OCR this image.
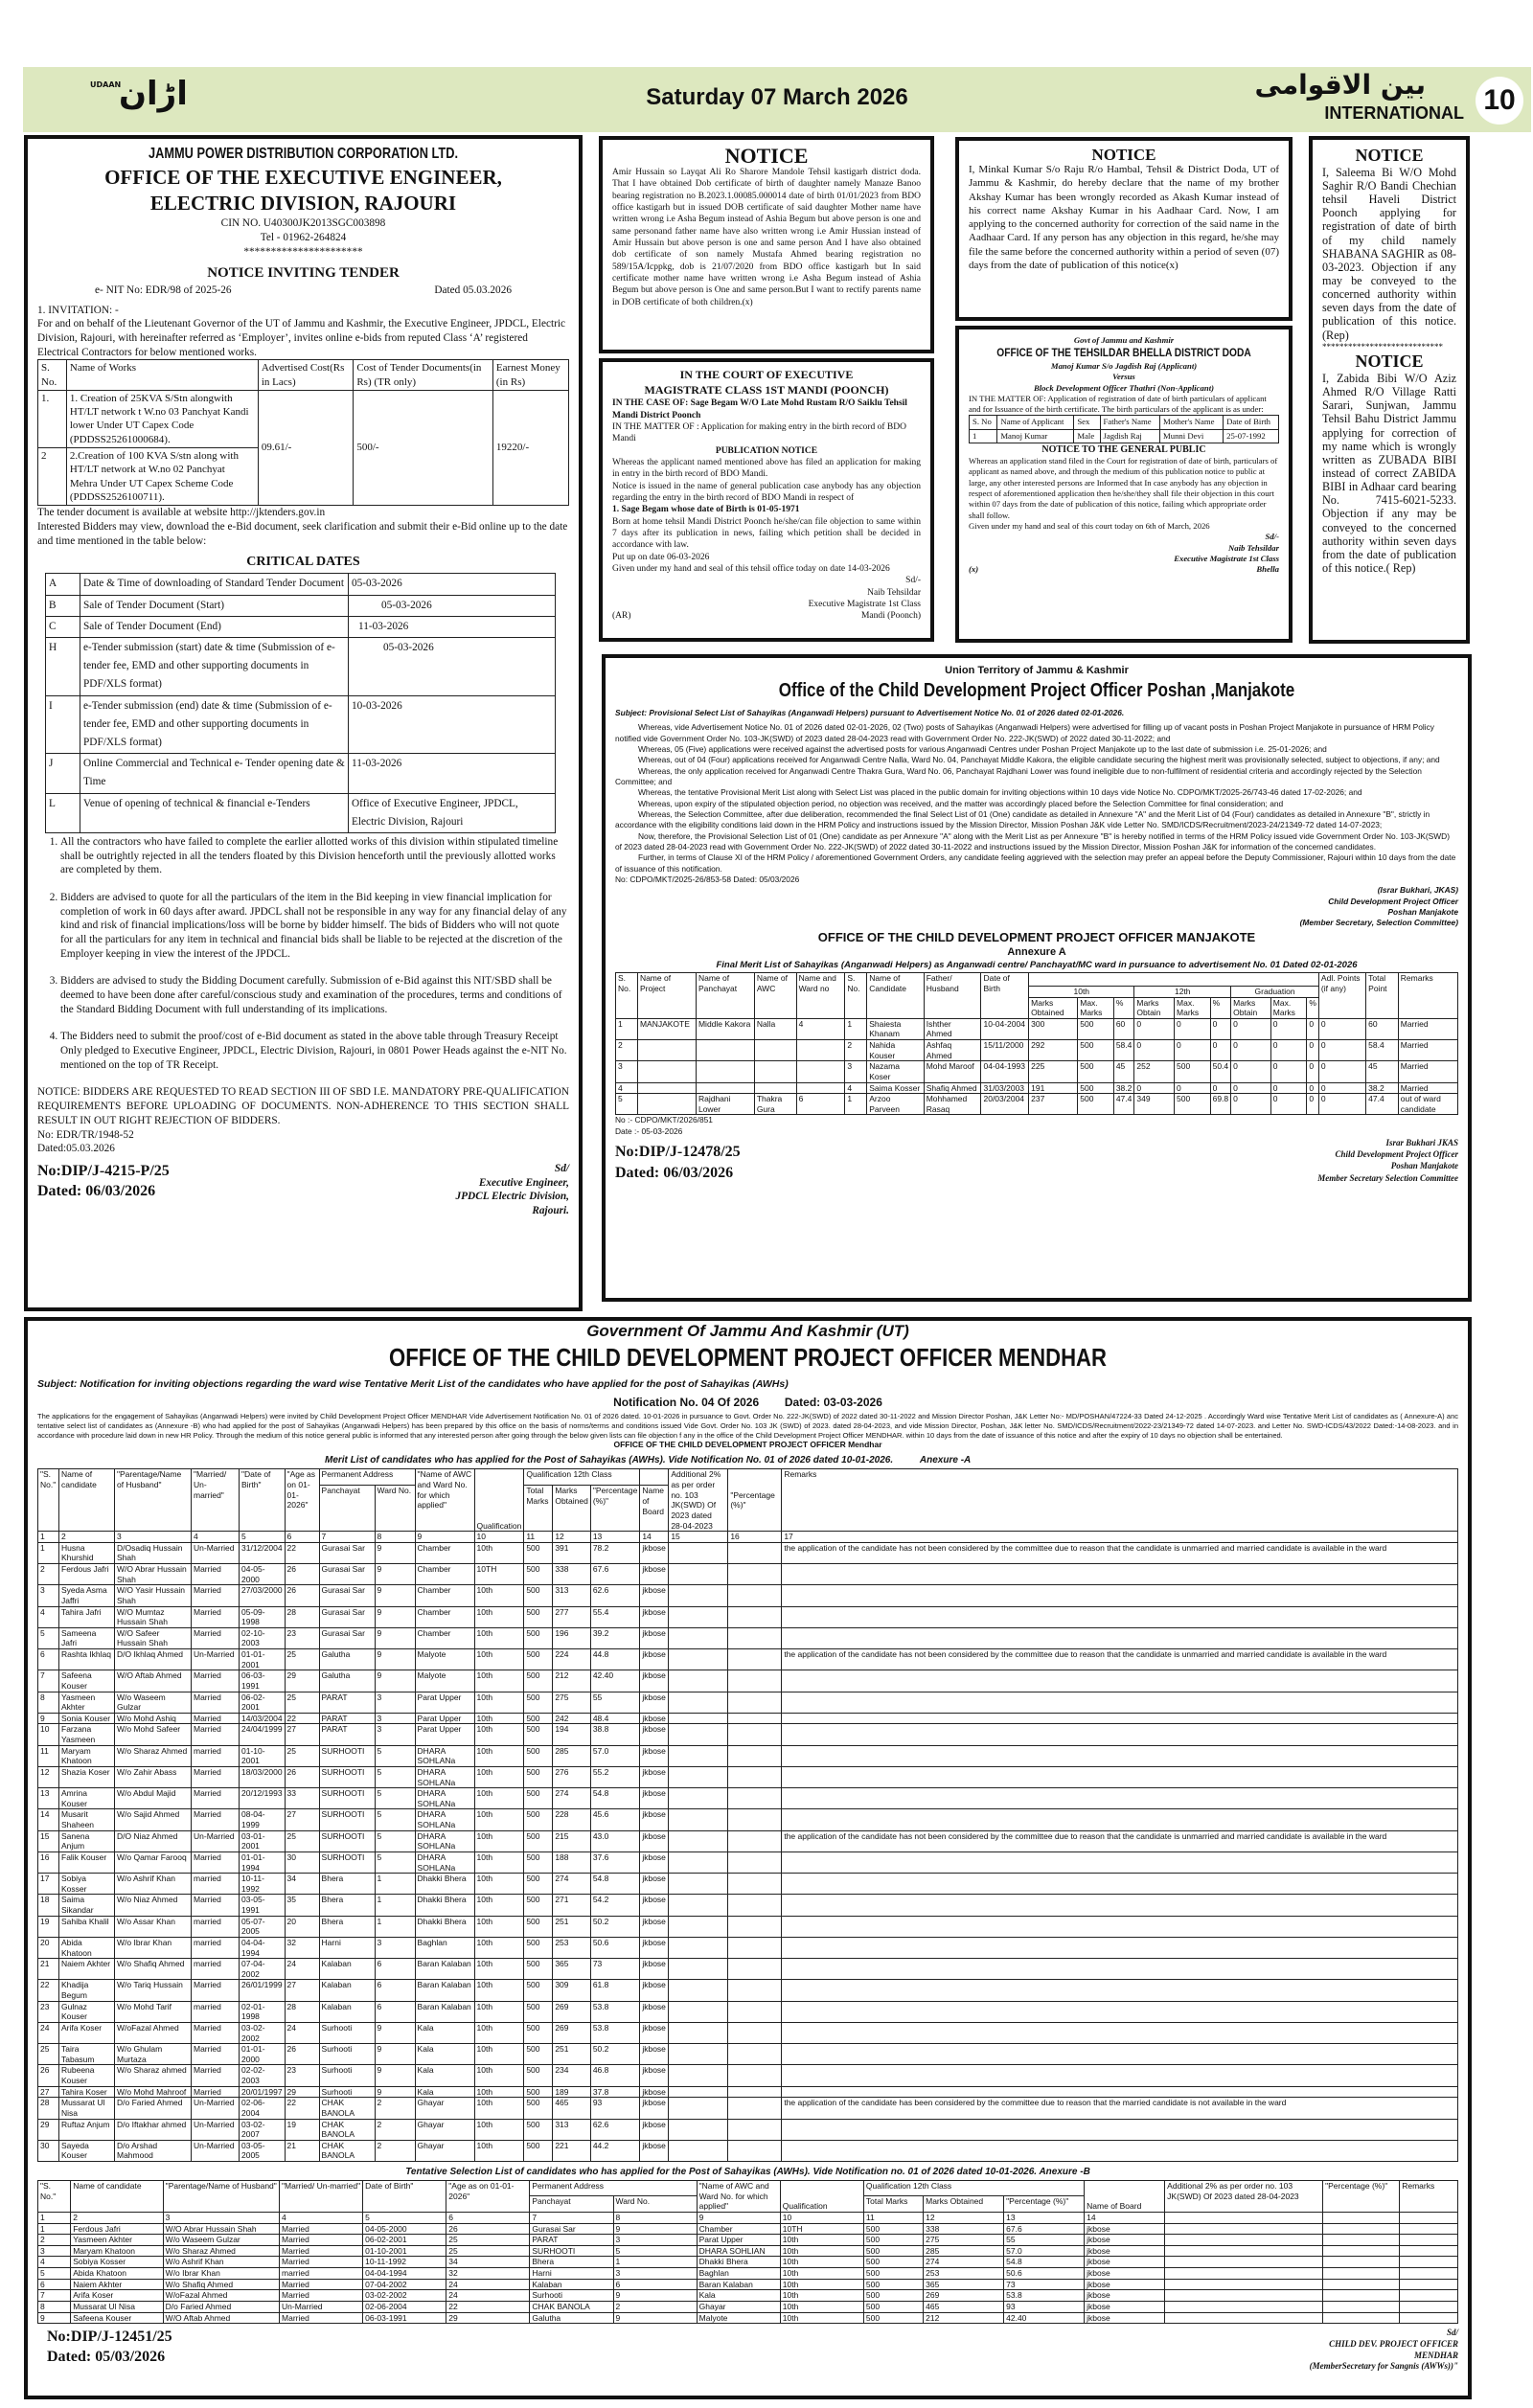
UDAAN
اڑان	Saturday 07 March 2026	بین الاقوامی
INTERNATIONAL 10
JAMMU POWER DISTRIBUTION CORPORATION LTD.
OFFICE OF THE EXECUTIVE ENGINEER,
ELECTRIC DIVISION, RAJOURI
CIN NO. U40300JK2013SGC003898
Tel - 01962-264824
**********************
NOTICE INVITING TENDER
e- NIT No: EDR/98 of 2025-26	Dated 05.03.2026
1. INVITATION: -
For and on behalf of the Lieutenant Governor of the UT of Jammu and Kashmir, the Executive Engineer, JPDCL, Electric Division, Rajouri, with hereinafter referred as ‘Employer’, invites online e-bids from reputed Class ‘A’ registered Electrical Contractors for below mentioned works.
S. No.	Name of Works	Advertised Cost(Rs in Lacs)	Cost of Tender Documents(in Rs) (TR only)	Earnest Money (in Rs)
1.	1. Creation of 25KVA S/Stn alongwith HT/LT network t W.no 03 Panchyat Kandi lower Under UT Capex Code (PDDSS25261000684).	09.61/-	500/-	19220/-
2	2.Creation of 100 KVA S/stn along with HT/LT network at W.no 02 Panchyat Mehra Under UT Capex Scheme Code (PDDSS2526100711).			
The tender document is available at website http://jktenders.gov.in
Interested Bidders may view, download the e-Bid document, seek clarification and submit their e-Bid online up to the date and time mentioned in the table below:
CRITICAL DATES
A	Date & Time of downloading of Standard Tender Document	05-03-2026
B	Sale of Tender Document (Start)	05-03-2026
C	Sale of Tender Document (End)	11-03-2026
H	e-Tender submission (start) date & time (Submission of e-tender fee, EMD and other supporting documents in PDF/XLS format)	05-03-2026
I	e-Tender submission (end) date & time (Submission of e-tender fee, EMD and other supporting documents in PDF/XLS format)	10-03-2026
J	Online Commercial and Technical e- Tender opening date & Time	11-03-2026
L	Venue of opening of technical & financial e-Tenders	Office of Executive Engineer, JPDCL, Electric Division, Rajouri
1. All the contractors who have failed to complete the earlier allotted works of this division within stipulated timeline shall be outrightly rejected in all the tenders floated by this Division henceforth until the previously allotted works are completed by them.
2. Bidders are advised to quote for all the particulars of the item in the Bid keeping in view financial implication for completion of work in 60 days after award. JPDCL shall not be responsible in any way for any financial delay of any kind and risk of financial implications/loss will be borne by bidder himself. The bids of Bidders who will not quote for all the particulars for any item in technical and financial bids shall be liable to be rejected at the discretion of the Employer keeping in view the interest of the JPDCL.
3. Bidders are advised to study the Bidding Document carefully. Submission of e-Bid against this NIT/SBD shall be deemed to have been done after careful/conscious study and examination of the procedures, terms and conditions of the Standard Bidding Document with full understanding of its implications.
4. The Bidders need to submit the proof/cost of e-Bid document as stated in the above table through Treasury Receipt Only pledged to Executive Engineer, JPDCL, Electric Division, Rajouri, in 0801 Power Heads against the e-NIT No. mentioned on the top of TR Receipt.
NOTICE: BIDDERS ARE REQUESTED TO READ SECTION III OF SBD I.E. MANDATORY PRE-QUALIFICATION REQUIREMENTS BEFORE UPLOADING OF DOCUMENTS. NON-ADHERENCE TO THIS SECTION SHALL RESULT IN OUT RIGHT REJECTION OF BIDDERS.
No: EDR/TR/1948-52
Dated:05.03.2026
No:DIP/J-4215-P/25
Dated: 06/03/2026
Sd/
Executive Engineer,
JPDCL Electric Division,
Rajouri.
NOTICE
Amir Hussain so Layqat Ali Ro Sharore Mandole Tehsil kastigarh district doda. That I have obtained Dob certificate of birth of daughter namely Manaze Banoo bearing registration no B.2023.1.00085.000014 date of birth 01/01/2023 from BDO office kastigarh but in issued DOB certificate of said daughter Mother name have written wrong i.e Asha Begum instead of Ashia Begum but above person is one and same personand father name have also written wrong i.e Amir Hussian instead of Amir Hussain but above person is one and same person And I have also obtained dob certificate of son namely Mustafa Ahmed bearing registration no 589/15A/Icppkg, dob is 21/07/2020 from BDO office kastigarh but In said certificate mother name have written wrong i.e Asha Begum instead of Ashia Begum but above person is One and same person.But I want to rectify parents name in DOB certificate of both children.(x)
IN THE COURT OF EXECUTIVE
MAGISTRATE CLASS 1ST MANDI (POONCH)
IN THE CASE OF: Sage Begam W/O Late Mohd Rustam R/O Saiklu Tehsil Mandi District Poonch
IN THE MATTER OF : Application for making entry in the birth record of BDO Mandi
PUBLICATION NOTICE
Whereas the applicant named mentioned above has filed an application for making in entry in the birth record of BDO Mandi.
Notice is issued in the name of general publication case anybody has any objection regarding the entry in the birth record of BDO Mandi in respect of
1. Sage Begam whose date of Birth is 01-05-1971
Born at home tehsil Mandi District Poonch he/she/can file objection to same within 7 days after its publication in news, failing which petition shall be decided in accordance with law.
Put up on date 06-03-2026
Given under my hand and seal of this tehsil office today on date 14-03-2026
(AR)
Sd/-
Naib Tehsildar
Executive Magistrate 1st Class
Mandi (Poonch)
NOTICE
I, Minkal Kumar S/o Raju R/o Hambal, Tehsil & District Doda, UT of Jammu & Kashmir, do hereby declare that the name of my brother Akshay Kumar has been wrongly recorded as Akash Kumar instead of his correct name Akshay Kumar in his Aadhaar Card. Now, I am applying to the concerned authority for correction of the said name in the Aadhaar Card. If any person has any objection in this regard, he/she may file the same before the concerned authority within a period of seven (07) days from the date of publication of this notice(x)
Govt of Jammu and Kashmir
OFFICE OF THE TEHSILDAR BHELLA DISTRICT DODA
Manoj Kumar S/o Jagdish Raj (Applicant)
Versus
Block Development Officer Thathri (Non-Applicant)
IN THE MATTER OF: Application of registration of date of birth particulars of applicant and for Issuance of the birth certificate. The birth particulars of the applicant is as under:
S. No	Name of Applicant	Sex	Father's Name	Mother's Name	Date of Birth
1	Manoj Kumar	Male	Jagdish Raj	Munni Devi	25-07-1992
NOTICE TO THE GENERAL PUBLIC
Whereas an application stand filed in the Court for registration of date of birth, particulars of applicant as named above, and through the medium of this publication notice to public at large, any other interested persons are Informed that In case anybody has any objection in respect of aforementioned application then he/she/they shall file their objection in this court within 07 days from the date of publication of this notice, failing which appropriate order shall follow.
Given under my hand and seal of this court today on 6th of March, 2026
(x)
Sd/-
Naib Tehsildar
Executive Magistrate 1st Class
Bhella
NOTICE
I, Saleema Bi W/O Mohd Saghir R/O Bandi Chechian tehsil Haveli District Poonch applying for registration of date of birth of my child namely SHABANA SAGHIR as 08-03-2023. Objection if any may be conveyed to the concerned authority within seven days from the date of publication of this notice.(Rep)
****************************
NOTICE
I, Zabida Bibi W/O Aziz Ahmed R/O Village Ratti Sarari, Sunjwan, Jammu Tehsil Bahu District Jammu applying for correction of my name which is wrongly written as ZUBADA BIBI instead of correct ZABIDA BIBI in Adhaar card bearing No. 7415-6021-5233. Objection if any may be conveyed to the concerned authority within seven days from the date of publication of this notice.( Rep)
Union Territory of Jammu & Kashmir
Office of the Child Development Project Officer Poshan ,Manjakote
Subject: Provisional Select List of Sahayikas (Anganwadi Helpers) pursuant to Advertisement Notice No. 01 of 2026 dated 02-01-2026.

Whereas, vide Advertisement Notice No. 01 of 2026 dated 02-01-2026, 02 (Two) posts of Sahayikas (Anganwadi Helpers) were advertised for filling up of vacant posts in Poshan Project Manjakote in pursuance of HRM Policy notified vide Government Order No. 103-JK(SWD) of 2023 dated 28-04-2023 read with Government Order No. 222-JK(SWD) of 2022 dated 30-11-2022; and

Whereas, 05 (Five) applications were received against the advertised posts for various Anganwadi Centres under Poshan Project Manjakote up to the last date of submission i.e. 25-01-2026; and

Whereas, out of 04 (Four) applications received for Anganwadi Centre Nalla, Ward No. 04, Panchayat Middle Kakora, the eligible candidate securing the highest merit was provisionally selected, subject to objections, if any; and

Whereas, the only application received for Anganwadi Centre Thakra Gura, Ward No. 06, Panchayat Rajdhani Lower was found ineligible due to non-fulfilment of residential criteria and accordingly rejected by the Selection Committee; and

Whereas, the tentative Provisional Merit List along with Select List was placed in the public domain for inviting objections within 10 days vide Notice No. CDPO/MKT/2025-26/743-46 dated 17-02-2026; and

Whereas, upon expiry of the stipulated objection period, no objection was received, and the matter was accordingly placed before the Selection Committee for final consideration; and

Whereas, the Selection Committee, after due deliberation, recommended the final Select List of 01 (One) candidate as detailed in Annexure "A" and the Merit List of 04 (Four) candidates as detailed in Annexure "B", strictly in accordance with the eligibility conditions laid down in the HRM Policy and instructions issued by the Mission Director, Mission Poshan J&K vide Letter No. SMD/ICDS/Recruitment/2023-24/21349-72 dated 14-07-2023;

Now, therefore, the Provisional Selection List of 01 (One) candidate as per Annexure "A" along with the Merit List as per Annexure "B" is hereby notified in terms of the HRM Policy issued vide Government Order No. 103-JK(SWD) of 2023 dated 28-04-2023 read with Government Order No. 222-JK(SWD) of 2022 dated 30-11-2022 and instructions issued by the Mission Director, Mission Poshan J&K for information of the concerned candidates.

Further, in terms of Clause XI of the HRM Policy / aforementioned Government Orders, any candidate feeling aggrieved with the selection may prefer an appeal before the Deputy Commissioner, Rajouri within 10 days from the date of issuance of this notification.

No: CDPO/MKT/2025-26/853-58 Dated: 05/03/2026
(Israr Bukhari, JKAS)
Child Development Project Officer
Poshan Manjakote
(Member Secretary, Selection Committee)
OFFICE OF THE CHILD DEVELOPMENT PROJECT OFFICER MANJAKOTE
Annexure A
Final Merit List of Sahayikas (Anganwadi Helpers) as Anganwadi centre/ Panchayat/MC ward in pursuance to advertisement No. 01 Dated 02-01-2026
S. No.	Name of Project	Name of Panchayat	Name of AWC	Name and Ward no	S. No.	Name of Candidate	Father/ Husband	Date of Birth										Adl. Points (if any)	Total Point	Remarks
									10th			12th			Graduation					
									Marks Obtained	Max. Marks	%	Marks Obtain	Max. Marks	%	Marks Obtain	Max. Marks	%			
1	MANJAKOTE	Middle Kakora	Nalla	4	1	Shaiesta Khanam	Ishther Ahmed	10-04-2004	300	500	60	0	0	0	0	0	0	0	60	Married
2					2	Nahida Kouser	Ashfaq Ahmed	15/11/2000	292	500	58.4	0	0	0	0	0	0	0	58.4	Married
3					3	Nazama Koser	Mohd Maroof	04-04-1993	225	500	45	252	500	50.4	0	0	0	0	45	Married
4					4	Saima Kosser	Shafiq Ahmed	31/03/2003	191	500	38.2	0	0	0	0	0	0	0	38.2	Married
5		Rajdhani Lower	Thakra Gura	6	1	Arzoo Parveen	Mohhamed Rasaq	20/03/2004	237	500	47.4	349	500	69.8	0	0	0	0	47.4	out of ward candidate
No :- CDPO/MKT/2026/851
Date :- 05-03-2026
No:DIP/J-12478/25
Dated: 06/03/2026
Israr Bukhari JKAS
Child Development Project Officer
Poshan Manjakote
Member Secretary Selection Committee
Government Of Jammu And Kashmir (UT)
OFFICE OF THE CHILD DEVELOPMENT PROJECT OFFICER MENDHAR
Subject: Notification for inviting objections regarding the ward wise Tentative Merit List of the candidates who have applied for the post of Sahayikas (AWHs)
Notification No. 04 Of 2026 Dated: 03-03-2026
The applications for the engagement of Sahayikas (Anganwadi Helpers) were invited by Child Development Project Officer MENDHAR Vide Advertisement Notification No. 01 of 2026 dated. 10-01-2026 in pursuance to Govt. Order No. 222-JK(SWD) of 2022 dated 30-11-2022 and Mission Director Poshan, J&K Letter No:- MD/POSHAN/47224-33 Dated 24-12-2025 . Accordingly Ward wise Tentative Merit List of candidates as ( Annexure-A) anc tentative select list of candidates as (Annexure -B) who had applied for the post of Sahayikas (Anganwadi Helpers) has been prepared by this office on the basis of norms/terms and conditions issued Vide Govt. Order No. 103 JK (SWD) of 2023. dated 28-04-2023, and vide Mission Director, Poshan, J&K letter No. SMD/ICDS/Recruitment/2022-23/21349-72 dated 14-07-2023. and Letter No. SWD-ICDS/43/2022 Dated:-14-08-2023. and in accordance with procedure laid down in new HR Policy. Through the medium of this notice general public is informed that any interested person after going through the below given lists can file objection f any in the office of the Child Development Project Officer MENDHAR. within 10 days from the date of issuance of this notice and after the expiry of 10 days no objection shall be entertained.
OFFICE OF THE CHILD DEVELOPMENT PROJECT OFFICER Mendhar
Merit List of candidates who has applied for the Post of Sahayikas (AWHs). Vide Notification No. 01 of 2026 dated 10-01-2026.	Anexure -A
"S. No."	Name of candidate	"Parentage/Name of Husband"	"Married/ Un-married"	"Date of Birth"	"Age as on 01-01-2026"	Permanent Address		"Name of AWC and Ward No. for which applied"	Qualification	Qualification 12th Class				Additional 2% as per order no. 103 JK(SWD) Of 2023 dated 28-04-2023	"Percentage (%)"	Remarks
						Panchayat	Ward No.			Total Marks	Marks Obtained	"Percentage (%)"	Name of Board			
1	2	3	4	5	6	7	8	9	10	11	12	13	14	15	16	17
1	Husna Khurshid	D/Osadiq Hussain Shah	Un-Married	31/12/2004	22	Gurasai Sar	9	Chamber	10th	500	391	78.2	jkbose			the application of the candidate has not been considered by the committee due to reason that the candidate is unmarried and married candidate is available in the ward
2	Ferdous Jafri	W/O Abrar Hussain Shah	Married	04-05-2000	26	Gurasai Sar	9	Chamber	10TH	500	338	67.6	jkbose			
3	Syeda Asma Jaffri	W/O Yasir Hussain Shah	Married	27/03/2000	26	Gurasai Sar	9	Chamber	10th	500	313	62.6	jkbose			
4	Tahira Jafri	W/O Mumtaz Hussain Shah	Married	05-09-1998	28	Gurasai Sar	9	Chamber	10th	500	277	55.4	jkbose			
5	Sameena Jafri	W/O Safeer Hussain Shah	Married	02-10-2003	23	Gurasai Sar	9	Chamber	10th	500	196	39.2	jkbose			
6	Rashta Ikhlaq	D/O Ikhlaq Ahmed	Un-Married	01-01-2001	25	Galutha	9	Malyote	10th	500	224	44.8	jkbose			the application of the candidate has not been considered by the committee due to reason that the candidate is unmarried and married candidate is available in the ward
7	Safeena Kouser	W/O Aftab Ahmed	Married	06-03-1991	29	Galutha	9	Malyote	10th	500	212	42.40	jkbose			
8	Yasmeen Akhter	W/o Waseem Gulzar	Married	06-02-2001	25	PARAT	3	Parat Upper	10th	500	275	55	jkbose			
9	Sonia Kouser	W/o Mohd Ashiq	Married	14/03/2004	22	PARAT	3	Parat Upper	10th	500	242	48.4	jkbose			
10	Farzana Yasmeen	W/o Mohd Safeer	Married	24/04/1999	27	PARAT	3	Parat Upper	10th	500	194	38.8	jkbose			
11	Maryam Khatoon	W/o Sharaz Ahmed	married	01-10-2001	25	SURHOOTI	5	DHARA SOHLANa	10th	500	285	57.0	jkbose			
12	Shazia Koser	W/o Zahir Abass	Married	18/03/2000	26	SURHOOTI	5	DHARA SOHLANa	10th	500	276	55.2	jkbose			
13	Amrina Kouser	W/o Abdul Majid	Married	20/12/1993	33	SURHOOTI	5	DHARA SOHLANa	10th	500	274	54.8	jkbose			
14	Musarit Shaheen	W/o Sajid Ahmed	Married	08-04-1999	27	SURHOOTI	5	DHARA SOHLANa	10th	500	228	45.6	jkbose			
15	Sanena Anjum	D/O Niaz Ahmed	Un-Married	03-01-2001	25	SURHOOTI	5	DHARA SOHLANa	10th	500	215	43.0	jkbose			the application of the candidate has not been considered by the committee due to reason that the candidate is unmarried and married candidate is available in the ward
16	Falik Kouser	W/o Qamar Farooq	Married	01-01-1994	30	SURHOOTI	5	DHARA SOHLANa	10th	500	188	37.6	jkbose			
17	Sobiya Kosser	W/o Ashrif Khan	married	10-11-1992	34	Bhera	1	Dhakki Bhera	10th	500	274	54.8	jkbose			
18	Saima Sikandar	W/o Niaz Ahmed	Married	03-05-1991	35	Bhera	1	Dhakki Bhera	10th	500	271	54.2	jkbose			
19	Sahiba Khalil	W/o Assar Khan	married	05-07-2005	20	Bhera	1	Dhakki Bhera	10th	500	251	50.2	jkbose			
20	Abida Khatoon	W/o Ibrar Khan	married	04-04-1994	32	Harni	3	Baghlan	10th	500	253	50.6	jkbose			
21	Naiem Akhter	W/o Shafiq Ahmed	married	07-04-2002	24	Kalaban	6	Baran Kalaban	10th	500	365	73	jkbose			
22	Khadija Begum	W/o Tariq Hussain	Married	26/01/1999	27	Kalaban	6	Baran Kalaban	10th	500	309	61.8	jkbose			
23	Gulnaz Kouser	W/o Mohd Tarif	married	02-01-1998	28	Kalaban	6	Baran Kalaban	10th	500	269	53.8	jkbose			
24	Arifa Koser	W/oFazal Ahmed	Married	03-02-2002	24	Surhooti	9	Kala	10th	500	269	53.8	jkbose			
25	Taira Tabasum	W/o Ghulam Murtaza	Married	01-01-2000	26	Surhooti	9	Kala	10th	500	251	50.2	jkbose			
26	Rubeena Kouser	W/o Sharaz ahmed	Married	02-02-2003	23	Surhooti	9	Kala	10th	500	234	46.8	jkbose			
27	Tahira Koser	W/o Mohd Mahroof	Married	20/01/1997	29	Surhooti	9	Kala	10th	500	189	37.8	jkbose			
28	Mussarat Ul Nisa	D/o Faried Ahmed	Un-Married	02-06-2004	22	CHAK BANOLA	2	Ghayar	10th	500	465	93	jkbose			the application of the candidate has been considered by the committee due to reason that the married candidate is not available in the ward
29	Ruftaz Anjum	D/o Iftakhar ahmed	Un-Married	03-02-2007	19	CHAK BANOLA	2	Ghayar	10th	500	313	62.6	jkbose			
30	Sayeda Kouser	D/o Arshad Mahmood	Un-Married	03-05-2005	21	CHAK BANOLA	2	Ghayar	10th	500	221	44.2	jkbose			
Tentative Selection List of candidates who has applied for the Post of Sahayikas (AWHs). Vide Notification no. 01 of 2026 dated 10-01-2026. Anexure -B
"S. No."	Name of candidate	"Parentage/Name of Husband"	"Married/ Un-married"	Date of Birth"	"Age as on 01-01-2026"	Permanent Address		"Name of AWC and Ward No. for which applied"	Qualification	Qualification 12th Class			Name of Board	Additional 2% as per order no. 103 JK(SWD) Of 2023 dated 28-04-2023	"Percentage (%)"	Remarks
						Panchayat	Ward No.			Total Marks	Marks Obtained	"Percentage (%)"				
1	2	3	4	5	6	7	8	9	10	11	12	13	14			
1	Ferdous Jafri	W/O Abrar Hussain Shah	Married	04-05-2000	26	Gurasai Sar	9	Chamber	10TH	500	338	67.6	jkbose			
2	Yasmeen Akhter	W/o Waseem Gulzar	Married	06-02-2001	25	PARAT	3	Parat Upper	10th	500	275	55	jkbose			
3	Maryam Khatoon	W/o Sharaz Ahmed	Married	01-10-2001	25	SURHOOTI	5	DHARA SOHLIAN	10th	500	285	57.0	jkbose			
4	Sobiya Kosser	W/o Ashrif Khan	Married	10-11-1992	34	Bhera	1	Dhakki Bhera	10th	500	274	54.8	jkbose			
5	Abida Khatoon	W/o Ibrar Khan	married	04-04-1994	32	Harni	3	Baghlan	10th	500	253	50.6	jkbose			
6	Naiem Akhter	W/o Shafiq Ahmed	Married	07-04-2002	24	Kalaban	6	Baran Kalaban	10th	500	365	73	jkbose			
7	Arifa Koser	W/oFazal Ahmed	Married	03-02-2002	24	Surhooti	9	Kala	10th	500	269	53.8	jkbose			
8	Mussarat Ul Nisa	D/o Faried Ahmed	Un-Married	02-06-2004	22	CHAK BANOLA	2	Ghayar	10th	500	465	93	jkbose			
9	Safeena Kouser	W/O Aftab Ahmed	Married	06-03-1991	29	Galutha	9	Malyote	10th	500	212	42.40	jkbose			
No:DIP/J-12451/25
Dated: 05/03/2026
Sd/
CHILD DEV. PROJECT OFFICER
MENDHAR
(MemberSecretary for Sangnis (AWWs))"
